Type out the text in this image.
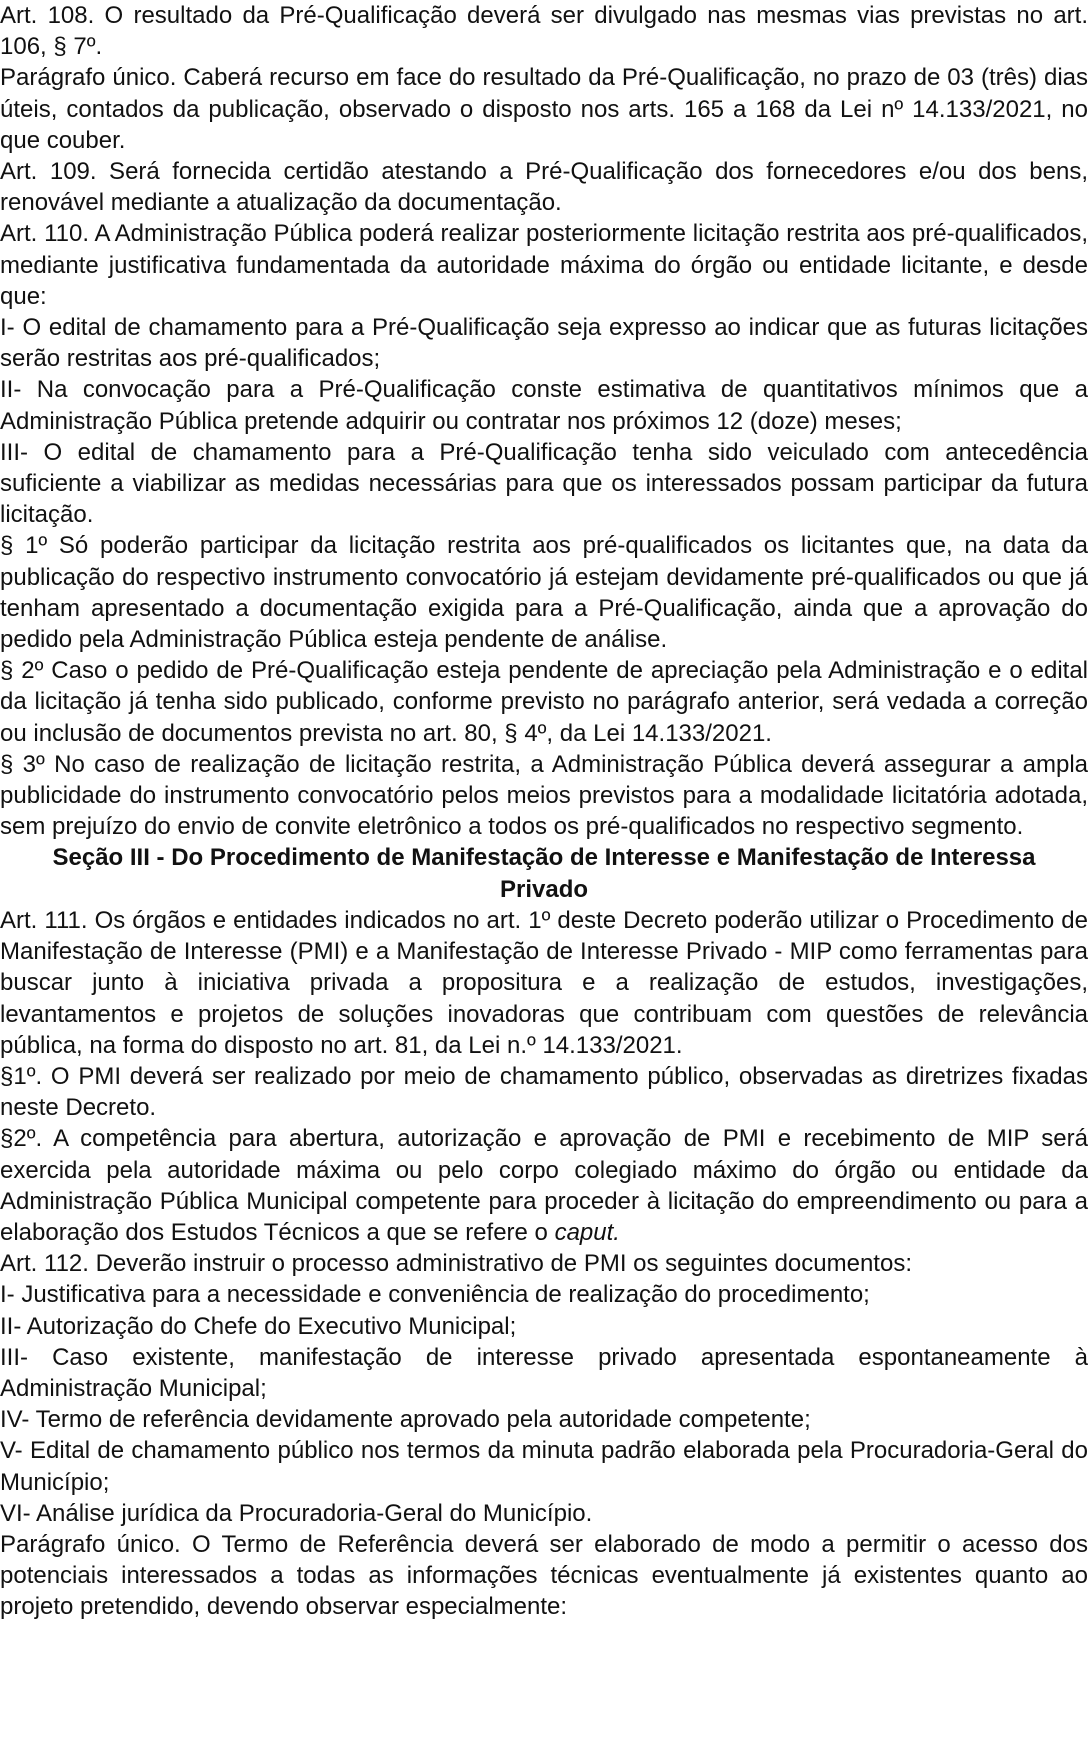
Art. 108. O resultado da Pré-Qualificação deverá ser divulgado nas mesmas vias previstas no art. 106, § 7º.

Parágrafo único. Caberá recurso em face do resultado da Pré-Qualificação, no prazo de 03 (três) dias úteis, contados da publicação, observado o disposto nos arts. 165 a 168 da Lei nº 14.133/2021, no que couber.

Art. 109. Será fornecida certidão atestando a Pré-Qualificação dos fornecedores e/ou dos bens, renovável mediante a atualização da documentação.

Art. 110. A Administração Pública poderá realizar posteriormente licitação restrita aos pré-qualificados, mediante justificativa fundamentada da autoridade máxima do órgão ou entidade licitante, e desde que:

I- O edital de chamamento para a Pré-Qualificação seja expresso ao indicar que as futuras licitações serão restritas aos pré-qualificados;

II- Na convocação para a Pré-Qualificação conste estimativa de quantitativos mínimos que a Administração Pública pretende adquirir ou contratar nos próximos 12 (doze) meses;

III- O edital de chamamento para a Pré-Qualificação tenha sido veiculado com antecedência suficiente a viabilizar as medidas necessárias para que os interessados possam participar da futura licitação.

§ 1º Só poderão participar da licitação restrita aos pré-qualificados os licitantes que, na data da publicação do respectivo instrumento convocatório já estejam devidamente pré-qualificados ou que já tenham apresentado a documentação exigida para a Pré-Qualificação, ainda que a aprovação do pedido pela Administração Pública esteja pendente de análise.

§ 2º Caso o pedido de Pré-Qualificação esteja pendente de apreciação pela Administração e o edital da licitação já tenha sido publicado, conforme previsto no parágrafo anterior, será vedada a correção ou inclusão de documentos prevista no art. 80, § 4º, da Lei 14.133/2021.

§ 3º No caso de realização de licitação restrita, a Administração Pública deverá assegurar a ampla publicidade do instrumento convocatório pelos meios previstos para a modalidade licitatória adotada, sem prejuízo do envio de convite eletrônico a todos os pré-qualificados no respectivo segmento.

Seção III - Do Procedimento de Manifestação de Interesse e Manifestação de Interessa Privado

Art. 111. Os órgãos e entidades indicados no art. 1º deste Decreto poderão utilizar o Procedimento de Manifestação de Interesse (PMI) e a Manifestação de Interesse Privado - MIP como ferramentas para buscar junto à iniciativa privada a propositura e a realização de estudos, investigações, levantamentos e projetos de soluções inovadoras que contribuam com questões de relevância pública, na forma do disposto no art. 81, da Lei n.º 14.133/2021.

§1º. O PMI deverá ser realizado por meio de chamamento público, observadas as diretrizes fixadas neste Decreto.

§2º. A competência para abertura, autorização e aprovação de PMI e recebimento de MIP será exercida pela autoridade máxima ou pelo corpo colegiado máximo do órgão ou entidade da Administração Pública Municipal competente para proceder à licitação do empreendimento ou para a elaboração dos Estudos Técnicos a que se refere o caput.

Art. 112. Deverão instruir o processo administrativo de PMI os seguintes documentos:

I- Justificativa para a necessidade e conveniência de realização do procedimento;

II- Autorização do Chefe do Executivo Municipal;

III- Caso existente, manifestação de interesse privado apresentada espontaneamente à Administração Municipal;

IV- Termo de referência devidamente aprovado pela autoridade competente;

V- Edital de chamamento público nos termos da minuta padrão elaborada pela Procuradoria-Geral do Município;

VI- Análise jurídica da Procuradoria-Geral do Município.

Parágrafo único. O Termo de Referência deverá ser elaborado de modo a permitir o acesso dos potenciais interessados a todas as informações técnicas eventualmente já existentes quanto ao projeto pretendido, devendo observar especialmente:
